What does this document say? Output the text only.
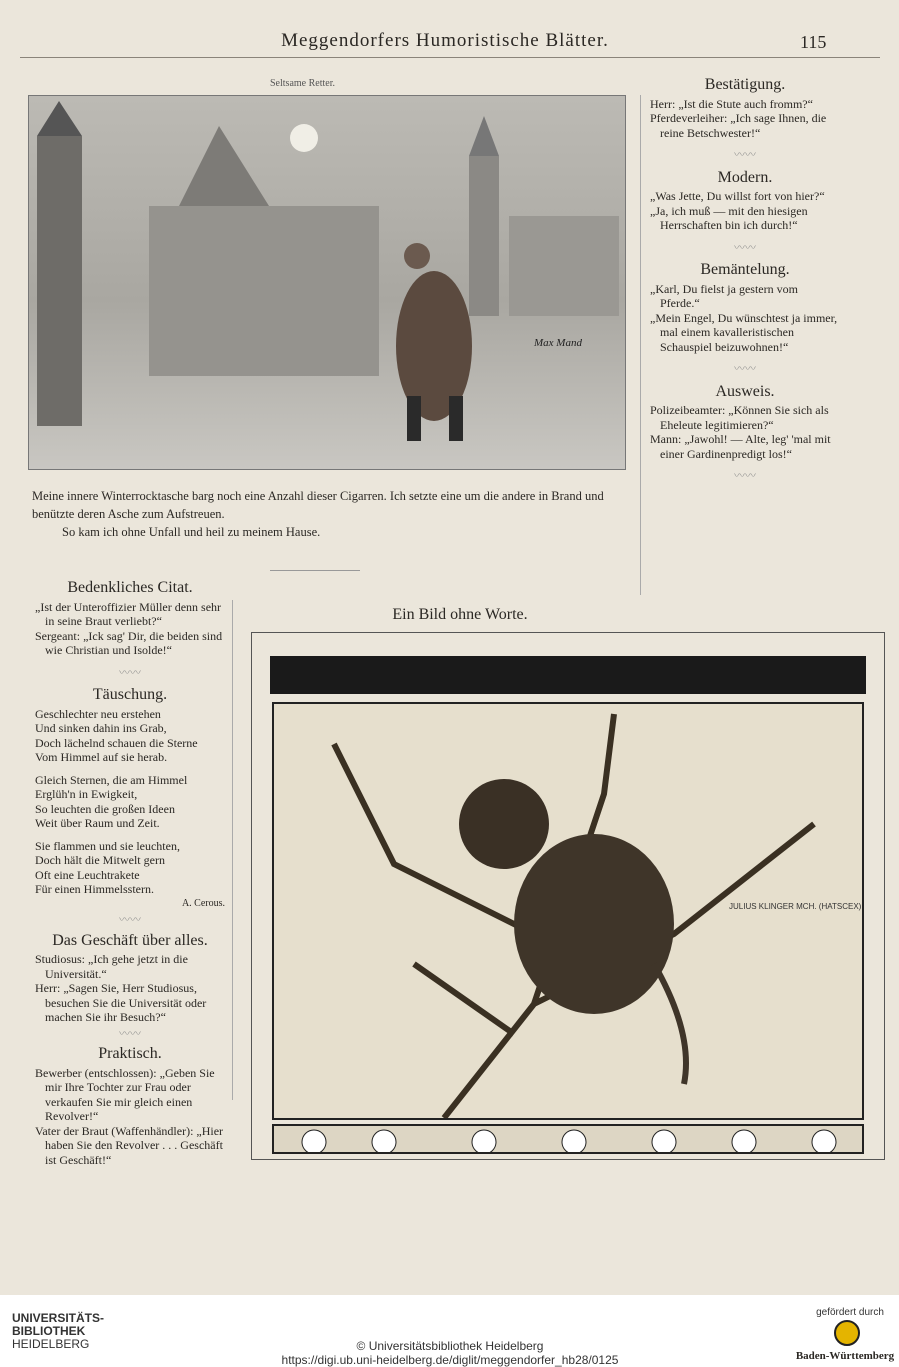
Meggendorfers Humoristische Blätter.	115
Seltsame Retter.
Max Mand

Meine innere Winterrocktasche barg noch eine Anzahl dieser Cigarren. Ich setzte eine um die andere in Brand und benützte deren Asche zum Aufstreuen.

So kam ich ohne Unfall und heil zu meinem Hause.

Bestätigung.

Herr: „Ist die Stute auch fromm?“

Pferdeverleiher: „Ich sage Ihnen, die reine Betschwester!“

〰〰
Modern.

„Was Jette, Du willst fort von hier?“

„Ja, ich muß — mit den hiesigen Herrschaften bin ich durch!“

〰〰
Bemäntelung.

„Karl, Du fielst ja gestern vom Pferde.“

„Mein Engel, Du wünschtest ja immer, mal einem kavalleristischen Schauspiel beizuwohnen!“

〰〰
Ausweis.

Polizeibeamter: „Können Sie sich als Eheleute legitimieren?“

Mann: „Jawohl! — Alte, leg' 'mal mit einer Gardinenpredigt los!“

〰〰
Bedenkliches Citat.

„Ist der Unteroffizier Müller denn sehr in seine Braut verliebt?“

Sergeant: „Ick sag' Dir, die beiden sind wie Christian und Isolde!“

〰〰
Täuschung.
Geschlechter neu erstehen
Und sinken dahin ins Grab,
Doch lächelnd schauen die Sterne
Vom Himmel auf sie herab.
Gleich Sternen, die am Himmel
Erglüh'n in Ewigkeit,
So leuchten die großen Ideen
Weit über Raum und Zeit.
Sie flammen und sie leuchten,
Doch hält die Mitwelt gern
Oft eine Leuchtrakete
Für einen Himmelsstern.
A. Cerous.
〰〰
Das Geschäft über alles.

Studiosus: „Ich gehe jetzt in die Universität.“

Herr: „Sagen Sie, Herr Studiosus, besuchen Sie die Universität oder machen Sie ihr Besuch?“

〰〰
Praktisch.

Bewerber (entschlossen): „Geben Sie mir Ihre Tochter zur Frau oder verkaufen Sie mir gleich einen Revolver!“

Vater der Braut (Waffenhändler): „Hier haben Sie den Revolver . . . Geschäft ist Geschäft!“

Ein Bild ohne Worte.
JULIUS KLINGER MCH. (HATSCEX)
UNIVERSITÄTS-
BIBLIOTHEK
HEIDELBERG	© Universitätsbibliothek Heidelberg
https://digi.ub.uni-heidelberg.de/diglit/meggendorfer_hb28/0125
gefördert durch
Baden-Württemberg
